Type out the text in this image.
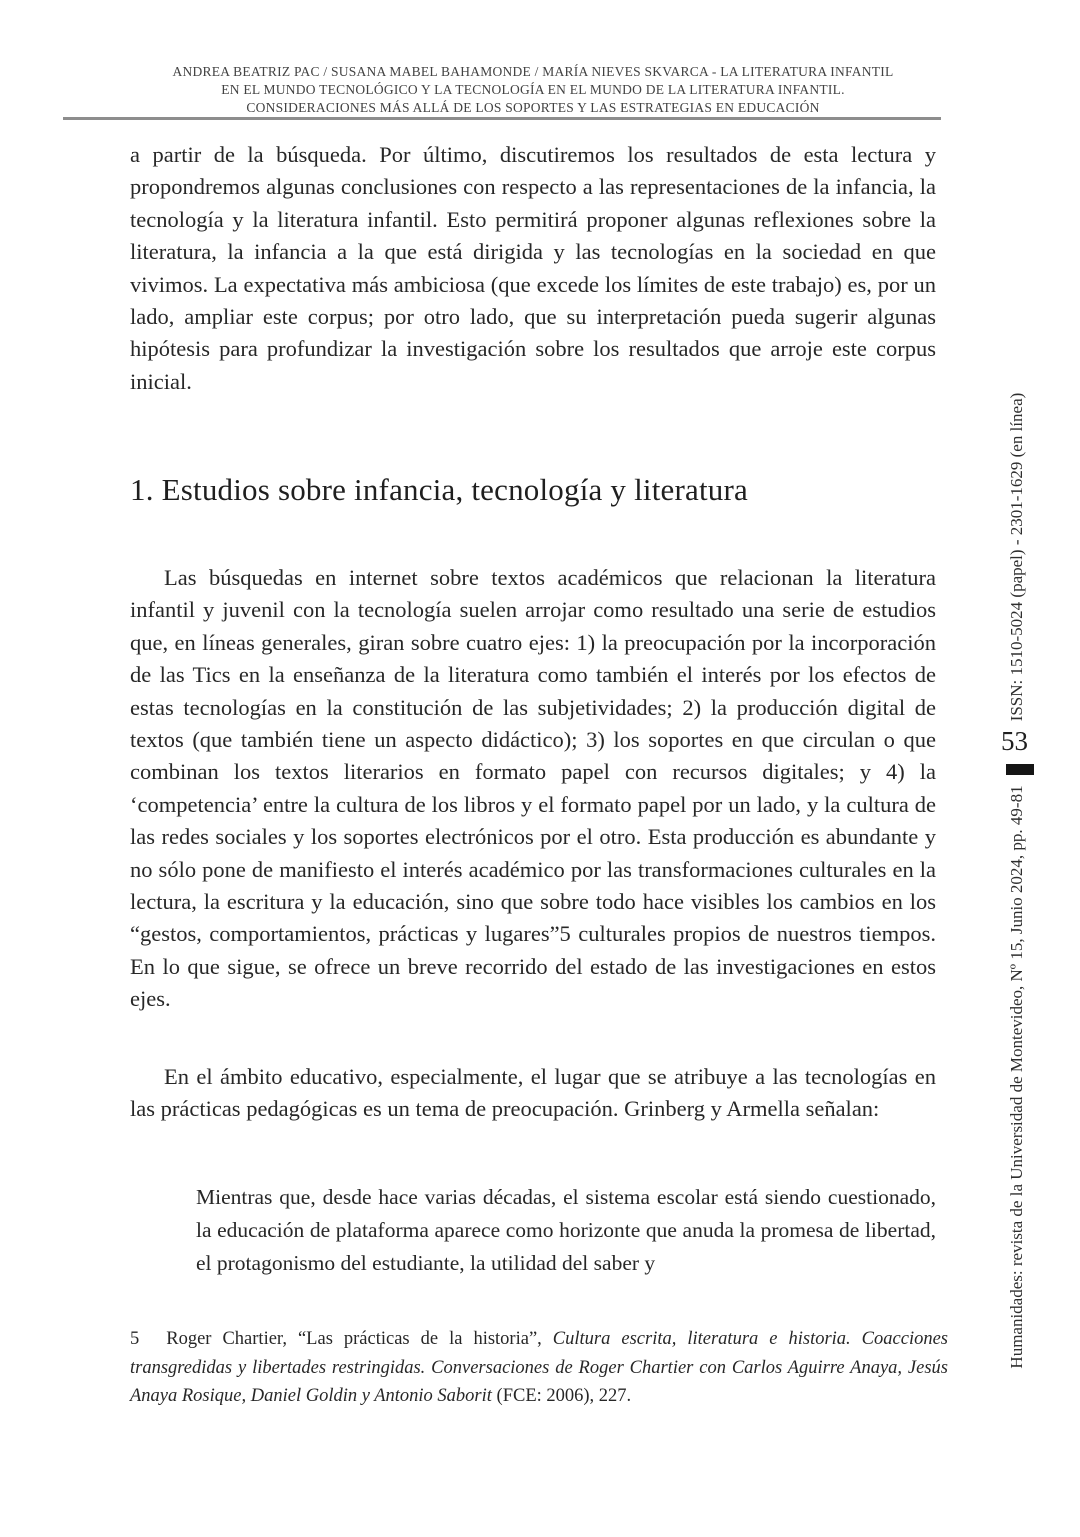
ANDREA BEATRIZ PAC / SUSANA MABEL BAHAMONDE / MARÍA NIEVES SKVARCA - LA LITERATURA INFANTIL
EN EL MUNDO TECNOLÓGICO Y LA TECNOLOGÍA EN EL MUNDO DE LA LITERATURA INFANTIL.
CONSIDERACIONES MÁS ALLÁ DE LOS SOPORTES Y LAS ESTRATEGIAS EN EDUCACIÓN
a partir de la búsqueda. Por último, discutiremos los resultados de esta lectura y propondremos algunas conclusiones con respecto a las representaciones de la infancia, la tecnología y la literatura infantil. Esto permitirá proponer algunas reflexiones sobre la literatura, la infancia a la que está dirigida y las tecnologías en la sociedad en que vivimos. La expectativa más ambiciosa (que excede los límites de este trabajo) es, por un lado, ampliar este corpus; por otro lado, que su interpretación pueda sugerir algunas hipótesis para profundizar la investigación sobre los resultados que arroje este corpus inicial.
1. Estudios sobre infancia, tecnología y literatura
Las búsquedas en internet sobre textos académicos que relacionan la literatura infantil y juvenil con la tecnología suelen arrojar como resultado una serie de estudios que, en líneas generales, giran sobre cuatro ejes: 1) la preocupación por la incorporación de las Tics en la enseñanza de la literatura como también el interés por los efectos de estas tecnologías en la constitución de las subjetividades; 2) la producción digital de textos (que también tiene un aspecto didáctico); 3) los soportes en que circulan o que combinan los textos literarios en formato papel con recursos digitales; y 4) la ‘competencia’ entre la cultura de los libros y el formato papel por un lado, y la cultura de las redes sociales y los soportes electrónicos por el otro. Esta producción es abundante y no sólo pone de manifiesto el interés académico por las transformaciones culturales en la lectura, la escritura y la educación, sino que sobre todo hace visibles los cambios en los “gestos, comportamientos, prácticas y lugares”5 culturales propios de nuestros tiempos. En lo que sigue, se ofrece un breve recorrido del estado de las investigaciones en estos ejes.
En el ámbito educativo, especialmente, el lugar que se atribuye a las tecnologías en las prácticas pedagógicas es un tema de preocupación. Grinberg y Armella señalan:
Mientras que, desde hace varias décadas, el sistema escolar está siendo cuestionado, la educación de plataforma aparece como horizonte que anuda la promesa de libertad, el protagonismo del estudiante, la utilidad del saber y
5 Roger Chartier, “Las prácticas de la historia”, Cultura escrita, literatura e historia. Coacciones transgredidas y libertades restringidas. Conversaciones de Roger Chartier con Carlos Aguirre Anaya, Jesús Anaya Rosique, Daniel Goldin y Antonio Saborit (FCE: 2006), 227.
ISSN: 1510-5024 (papel) - 2301-1629 (en línea)
53
Humanidades: revista de la Universidad de Montevideo, Nº 15, Junio 2024, pp. 49-81
